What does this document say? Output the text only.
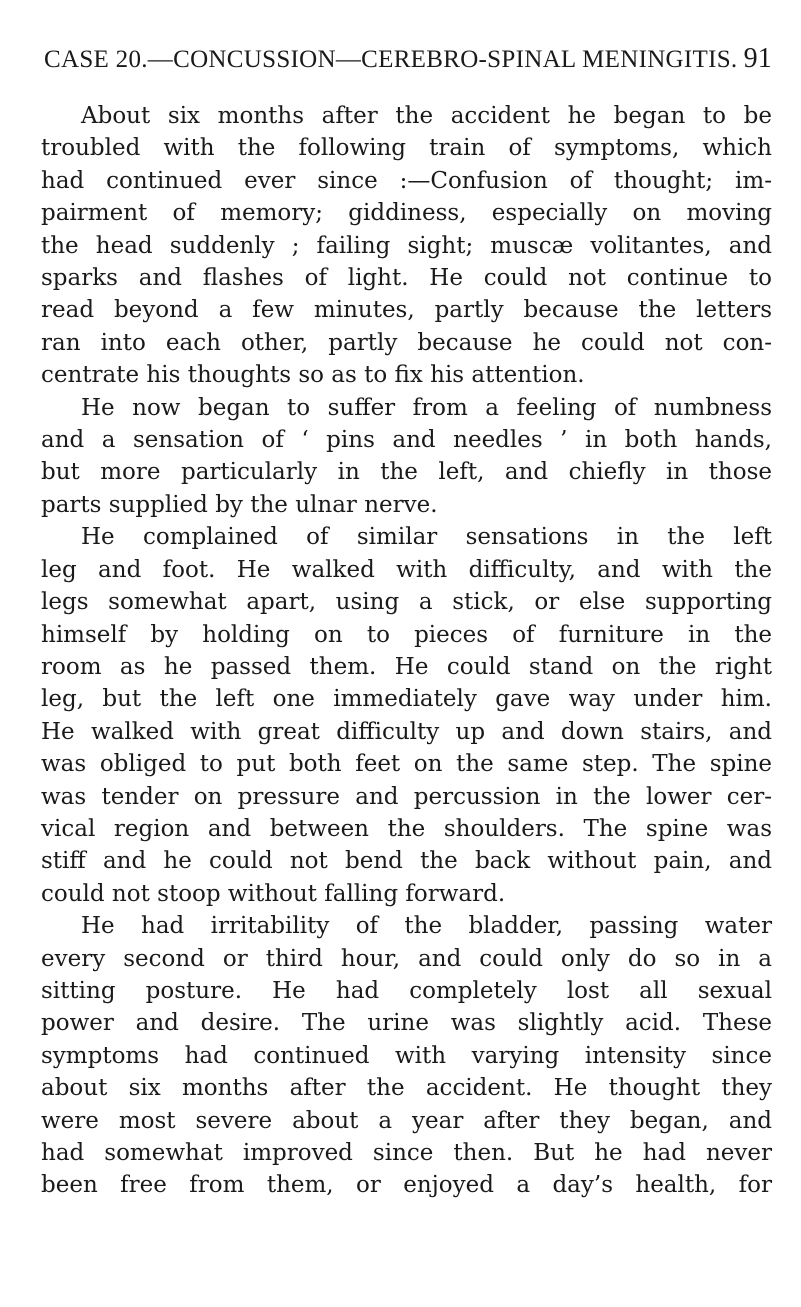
CASE 20.—CONCUSSION—CEREBRO-SPINAL MENINGITIS. 91

About six months after the accident he began to be
troubled with the following train of symptoms, which
had continued ever since :—Confusion of thought; im-
pairment of memory; giddiness, especially on moving
the head suddenly ; failing sight; muscæ volitantes, and
sparks and flashes of light. He could not continue to
read beyond a few minutes, partly because the letters
ran into each other, partly because he could not con-
centrate his thoughts so as to fix his attention.

He now began to suffer from a feeling of numbness
and a sensation of ‘ pins and needles ’ in both hands,
but more particularly in the left, and chiefly in those
parts supplied by the ulnar nerve.

He complained of similar sensations in the left
leg and foot. He walked with difficulty, and with the
legs somewhat apart, using a stick, or else supporting
himself by holding on to pieces of furniture in the
room as he passed them. He could stand on the right
leg, but the left one immediately gave way under him.
He walked with great difficulty up and down stairs, and
was obliged to put both feet on the same step. The spine
was tender on pressure and percussion in the lower cer-
vical region and between the shoulders. The spine was
stiff and he could not bend the back without pain, and
could not stoop without falling forward.

He had irritability of the bladder, passing water
every second or third hour, and could only do so in a
sitting posture. He had completely lost all sexual
power and desire. The urine was slightly acid. These
symptoms had continued with varying intensity since
about six months after the accident. He thought they
were most severe about a year after they began, and
had somewhat improved since then. But he had never
been free from them, or enjoyed a day’s health, for
